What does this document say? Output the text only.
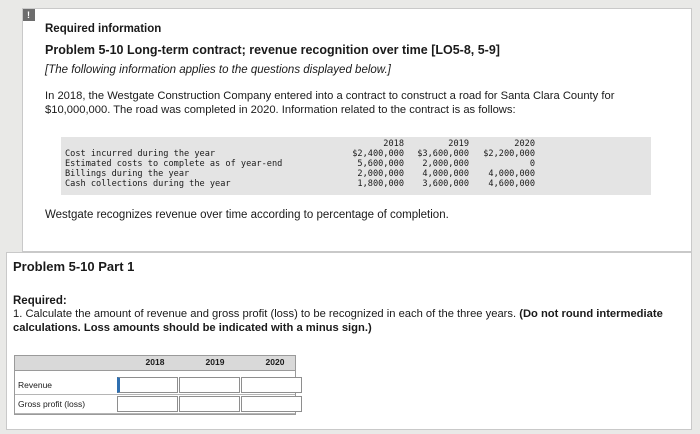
!
Required information
Problem 5-10 Long-term contract; revenue recognition over time [LO5-8, 5-9]
[The following information applies to the questions displayed below.]
In 2018, the Westgate Construction Company entered into a contract to construct a road for Santa Clara County for $10,000,000. The road was completed in 2020. Information related to the contract is as follows:
2018	2019	2020
Cost incurred during the year	$2,400,000 $3,600,000 $2,200,000
Estimated costs to complete as of year-end	5,600,000 2,000,000	0
Billings during the year	2,000,000 4,000,000 4,000,000
Cash collections during the year	1,800,000 3,600,000 4,600,000
Westgate recognizes revenue over time according to percentage of completion.
Problem 5-10 Part 1
Required:
1. Calculate the amount of revenue and gross profit (loss) to be recognized in each of the three years. (Do not round intermediate calculations. Loss amounts should be indicated with a minus sign.)
2018	2019	2020
Revenue
Gross profit (loss)
